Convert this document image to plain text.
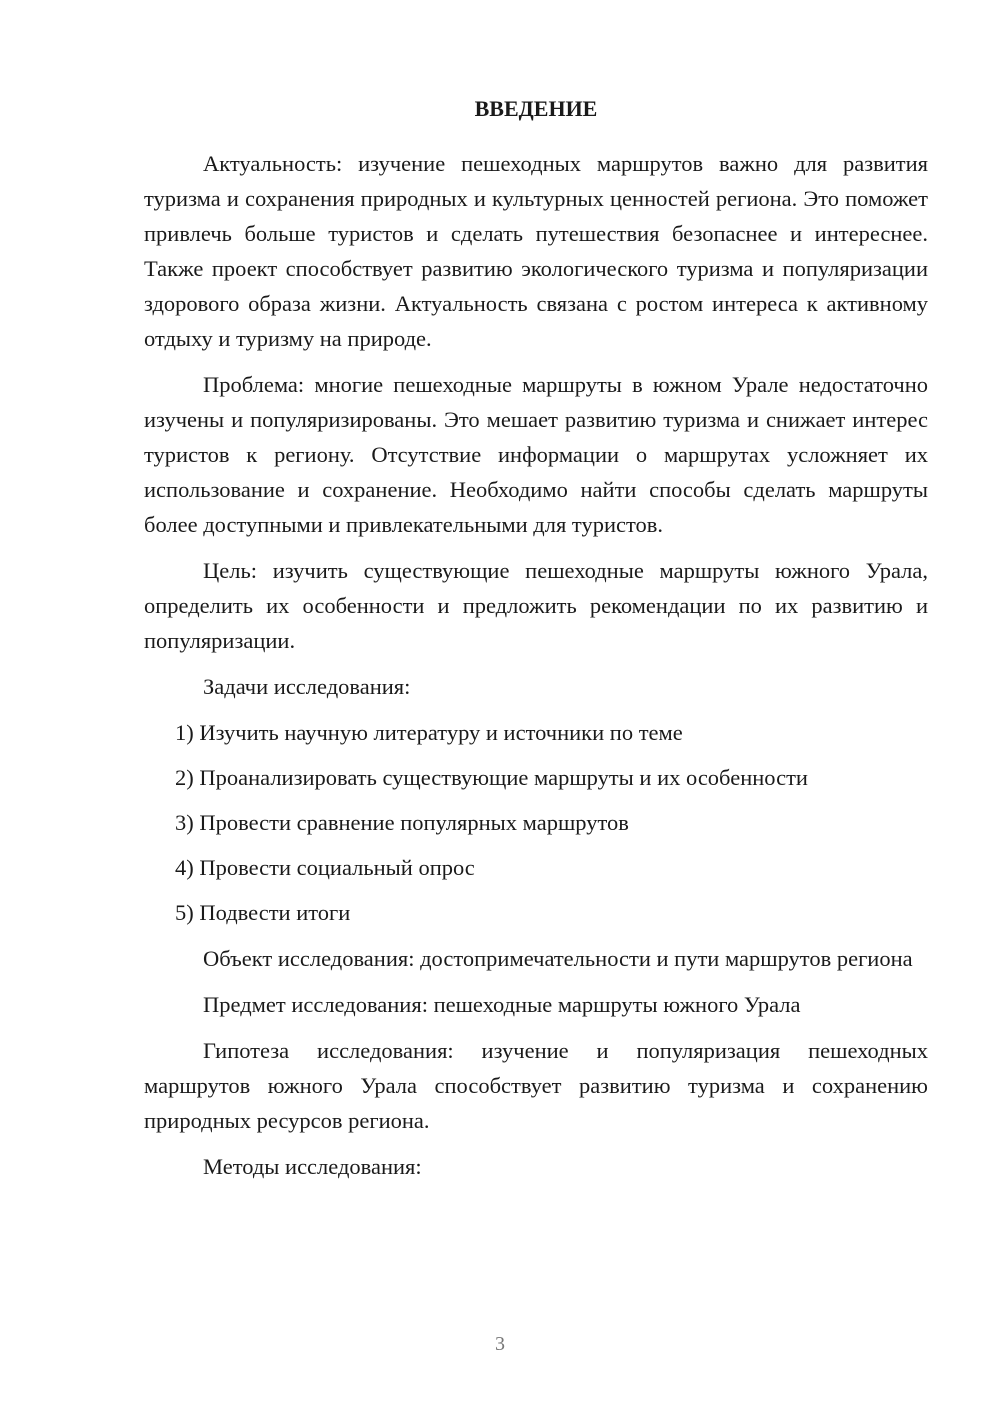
ВВЕДЕНИЕ

Актуальность: изучение пешеходных маршрутов важно для развития туризма и сохранения природных и культурных ценностей региона. Это поможет привлечь больше туристов и сделать путешествия безопаснее и интереснее. Также проект способствует развитию экологического туризма и популяризации здорового образа жизни. Актуальность связана с ростом интереса к активному отдыху и туризму на природе.

Проблема: многие пешеходные маршруты в южном Урале недостаточно изучены и популяризированы. Это мешает развитию туризма и снижает интерес туристов к региону. Отсутствие информации о маршрутах усложняет их использование и сохранение. Необходимо найти способы сделать маршруты более доступными и привлекательными для туристов.

Цель: изучить существующие пешеходные маршруты южного Урала, определить их особенности и предложить рекомендации по их развитию и популяризации.

Задачи исследования:

1) Изучить научную литературу и источники по теме
2) Проанализировать существующие маршруты и их особенности
3) Провести сравнение популярных маршрутов
4) Провести социальный опрос
5) Подвести итоги

Объект исследования: достопримечательности и пути маршрутов региона

Предмет исследования: пешеходные маршруты южного Урала

Гипотеза исследования: изучение и популяризация пешеходных маршрутов южного Урала способствует развитию туризма и сохранению природных ресурсов региона.

Методы исследования:

3
